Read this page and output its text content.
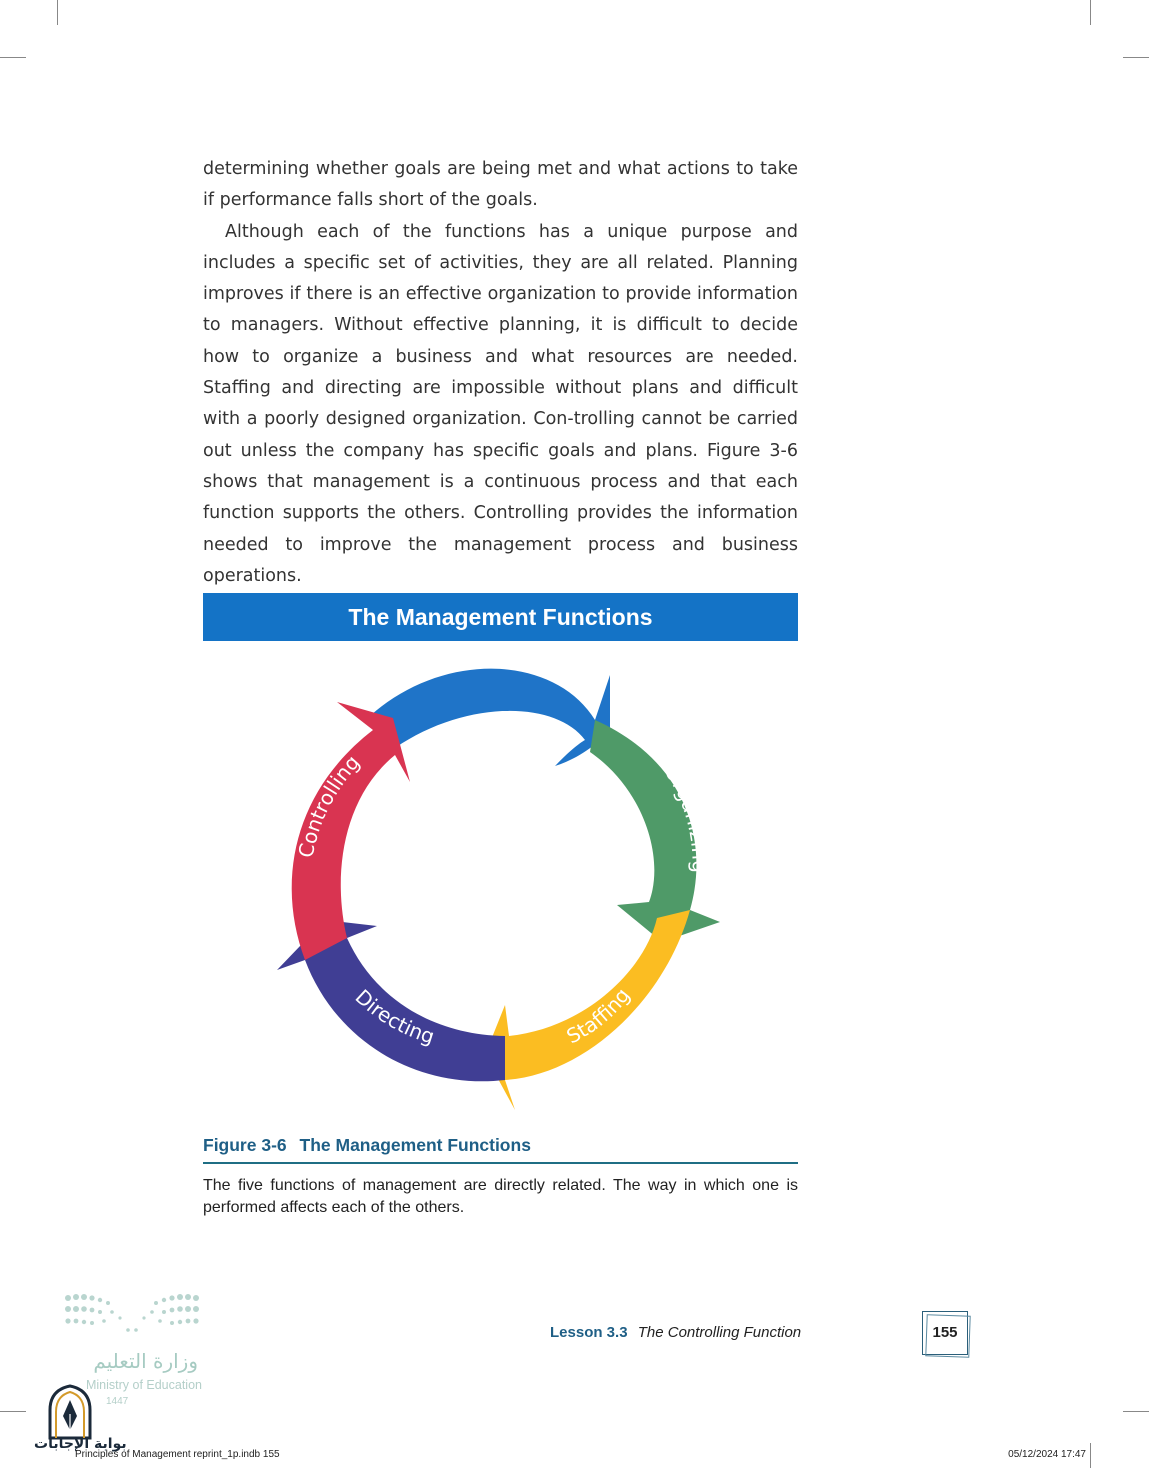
determining whether goals are being met and what actions to take if performance falls short of the goals.

Although each of the functions has a unique purpose and includes a specific set of activities, they are all related. Planning improves if there is an effective organization to provide information to managers. Without effective planning, it is difficult to decide how to organize a business and what resources are needed. Staffing and directing are impossible without plans and difficult with a poorly designed organization. Con-trolling cannot be carried out unless the company has specific goals and plans. Figure 3-6 shows that management is a continuous process and that each function supports the others. Controlling provides the information needed to improve the management process and business operations.

The Management Functions
Organizing
Staffing
Directing
Controlling
Figure 3-6 The Management Functions
The five functions of management are directly related. The way in which one is performed affects each of the others.
Lesson 3.3 The Controlling Function	155
وزارة التعليم
Ministry of Education
1447
بوابة الإجابات
Principles of Management reprint_1p.indb 155	05/12/2024 17:47
